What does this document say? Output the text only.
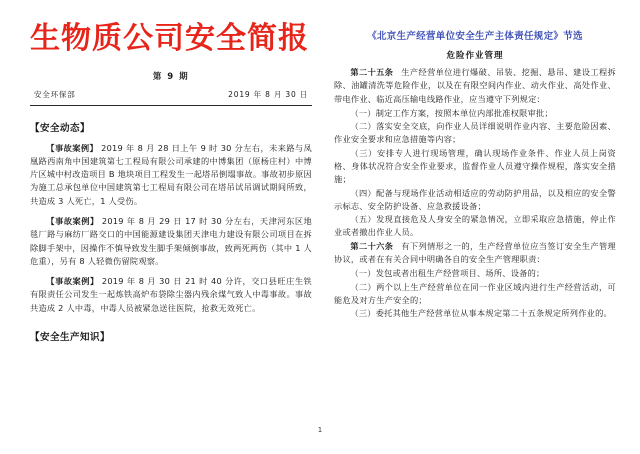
生物质公司安全简报
第 9 期
安全环保部	2019 年 8 月 30 日
【安全动态】

【事故案例】 2019 年 8 月 28 日上午 9 时 30 分左右，未来路与凤凰路西南角中国建筑第七工程局有限公司承建的中博集团（原杨庄村）中博片区城中村改造项目 B 地块项目工程发生一起塔吊倒塌事故。事故初步原因为施工总承包单位中国建筑第七工程局有限公司在塔吊试吊调试期间所致，共造成 3 人死亡，1 人受伤。

【事故案例】 2019 年 8 月 29 日 17 时 30 分左右，天津河东区地毯厂路与麻纺厂路交口的中国能源建设集团天津电力建设有限公司项目在拆除脚手架中，因操作不慎导致发生脚手架倾倒事故，致两死两伤（其中 1 人危重），另有 8 人轻微伤留院观察。

【事故案例】 2019 年 8 月 30 日 21 时 40 分许，交口县旺庄生铁有限责任公司发生一起炼铁高炉布袋除尘器内残余煤气致人中毒事故。事故共造成 2 人中毒，中毒人员被紧急送往医院，抢救无效死亡。

【安全生产知识】
《北京生产经营单位安全生产主体责任规定》节选
危险作业管理

第二十五条 生产经营单位进行爆破、吊装、挖掘、悬吊、建设工程拆除、油罐清洗等危险作业，以及在有限空间内作业、动火作业、高处作业、带电作业、临近高压输电线路作业，应当遵守下列规定：

（一）制定工作方案，按照本单位内部批准权限审批；

（二）落实安全交底，向作业人员详细说明作业内容、主要危险因素、作业安全要求和应急措施等内容；

（三）安排专人进行现场管理，确认现场作业条件、作业人员上岗资格、身体状况符合安全作业要求，监督作业人员遵守操作规程，落实安全措施；

（四）配备与现场作业活动相适应的劳动防护用品，以及相应的安全警示标志、安全防护设备、应急救援设备；

（五）发现直接危及人身安全的紧急情况，立即采取应急措施，停止作业或者撤出作业人员。

第二十六条 有下列情形之一的，生产经营单位应当签订安全生产管理协议，或者在有关合同中明确各自的安全生产管理职责：

（一）发包或者出租生产经营项目、场所、设备的；

（二）两个以上生产经营单位在同一作业区域内进行生产经营活动，可能危及对方生产安全的；

（三）委托其他生产经营单位从事本规定第二十五条规定所列作业的。

1
